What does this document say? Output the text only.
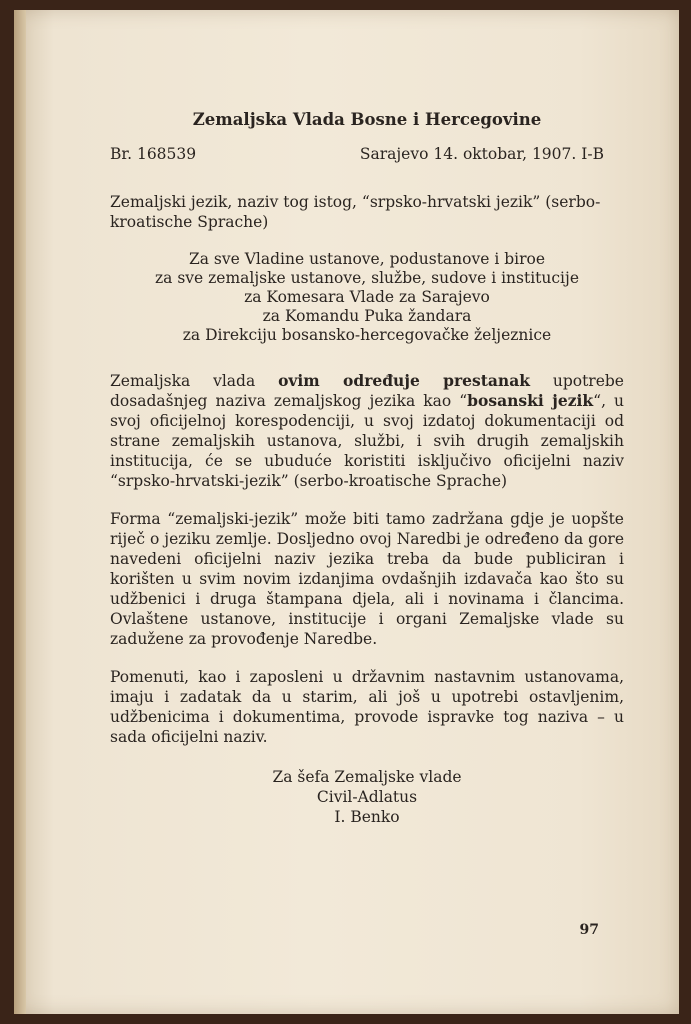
Zemaljska Vlada Bosne i Hercegovine
Br. 168539	Sarajevo 14. oktobar, 1907. I-B
Zemaljski jezik, naziv tog istog, “srpsko-hrvatski jezik” (serbo-kroatische Sprache)
Za sve Vladine ustanove, podustanove i biroe
za sve zemaljske ustanove, službe, sudove i institucije
za Komesara Vlade za Sarajevo
za Komandu Puka žandara
za Direkciju bosansko-hercegovačke željeznice
Zemaljska vlada ovim određuje prestanak upotrebe dosadašnjeg naziva zemaljskog jezika kao “bosanski jezik“, u svoj oficijelnoj korespodenciji, u svoj izdatoj dokumentaciji od strane zemaljskih ustanova, službi, i svih drugih zemaljskih institucija, će se ubuduće koristiti isključivo oficijelni naziv “srpsko-hrvatski-jezik” (serbo-kroatische Sprache)
Forma “zemaljski-jezik” može biti tamo zadržana gdje je uopšte riječ o jeziku zemlje. Dosljedno ovoj Naredbi je određeno da gore navedeni oficijelni naziv jezika treba da bude publiciran i korišten u svim novim izdanjima ovdašnjih izdavača kao što su udžbenici i druga štampana djela, ali i novinama i člancima. Ovlaštene ustanove, institucije i organi Zemaljske vlade su zadužene za provođenje Naredbe.
Pomenuti, kao i zaposleni u državnim nastavnim ustanovama, imaju i zadatak da u starim, ali još u upotrebi ostavljenim, udžbenicima i dokumentima, provode ispravke tog naziva – u sada oficijelni naziv.
Za šefa Zemaljske vlade
Civil-Adlatus
I. Benko
97
